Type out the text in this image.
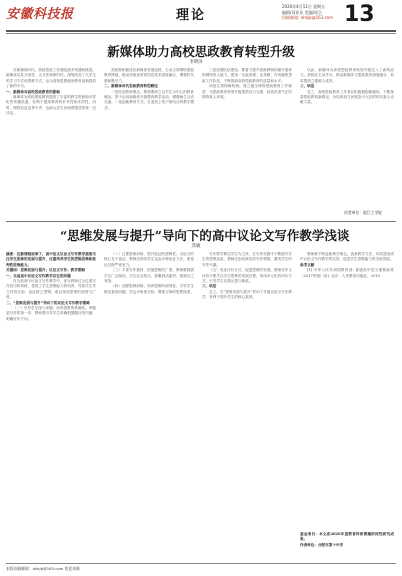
安徽科技报	理论
2020年4月11日 星期五
编辑/刘亚东 美编/周立
投稿邮箱: ahkjb@163.com 13
新媒体助力高校思政教育转型升级
李明泽

在新媒体时代，高校思政工作面临诸多机遇和挑战。新媒体以其开放性、交互性和即时性，深刻改变了大学生的学习方式和思维方式，也为高校思想政治教育创新提供了新的平台。

一、新媒体对高校思政教育的影响

新媒体为高校思政教育提供了丰富的教学资源和多样化的传播渠道，有利于提高教育的针对性和实效性。同时，网络信息良莠不齐，也给大学生价值观塑造带来一定冲击。

高校要积极适应新媒体发展趋势，主动占领网络思政教育阵地，推动传统优势同信息技术高度融合，增强时代感和吸引力。

二、新媒体时代思政教育转型路径

一是转变教育理念。教师要树立以学生为中心的教育理念，善于运用新媒体开展教育教学活动，增强师生互动交流。二是创新教育方式，打造线上线下相结合的教学模式。

三是加强队伍建设。要着力提升思政教师的媒介素养和网络育人能力，建设一支政治强、业务精、作风硬的思政工作队伍，不断提高高校思政教育的质量和水平。

四是完善保障机制。建立健全网络思政教育工作制度，为思政教育转型升级提供有力支撑，营造风清气正的网络育人环境。

以此，新媒体为高校思政教育转型升级注入了新的活力。高校应主动作为，推动新媒体与思政教育深度融合，切实提高立德树人成效。

三、结语

总之，高校思政教育工作者应积极拥抱新媒体，不断探索思政教育新路径，为培养担当民族复兴大任的时代新人贡献力量。

作者单位：皖江工学院
“思维发展与提升”导向下的高中议论文写作教学浅谈
苏敏

摘要：在新课程标准下，高中语文议论文写作教学需要关注学生思维的发展与提升，注重培养学生的逻辑思维和批判性思维能力。

关键词：思维发展与提升；议论文写作；教学策略

一、当前高中议论文写作教学存在的问题

在当前高中议论文写作教学中，部分教师过分注重写作技巧的训练，忽视了学生思维能力的培养，导致学生作文内容空洞、论证缺乏逻辑，难以体现思维的深度与广度。

二、“思维发展与提升”导向下的议论文写作教学策略

（一）引导学生深入审题，培养思维的准确性。审题是写作的第一步，教师要引导学生准确把握题目的内涵，明确写作方向。

（二）注重思维训练，提升论证的逻辑性。议论文的核心在于论证，教师应指导学生运用多种论证方法，使论证过程严密有力。

（三）丰富写作素材，拓展思维的广度。教师要鼓励学生广泛阅读，关注社会热点，积累鲜活素材，做到言之有物。

（四）加强思辨训练，培养思维的深刻性。引导学生辩证看待问题，学会多角度分析，增强文章的思想深度。

写作教学要以学生为主体，在写作实践中不断提升学生的思维品质。教师应创设真实的写作情境，激发学生的写作兴趣。

（五）优化评价方式，促进思维的发展。教师在作文评价中要关注学生思维的发展过程，采用多元化的评价方式，引导学生自我反思与修改。

三、结语

总之，在“思维发展与提升”导向下开展议论文写作教学，有利于提升学生的核心素养。

教师要不断更新教学理念，创新教学方法，切实提高高中议论文写作教学的实效，促进学生思维能力的全面发展。

参考文献

[1] 中华人民共和国教育部. 普通高中语文课程标准（2017年版）[S]. 北京：人民教育出版社，2018.

基金项目：本文系2020年度教育科研课题阶段性研究成果。

作者单位：合肥市第十中学

本版投稿邮箱：ahkjb@163.com 欢迎来稿
